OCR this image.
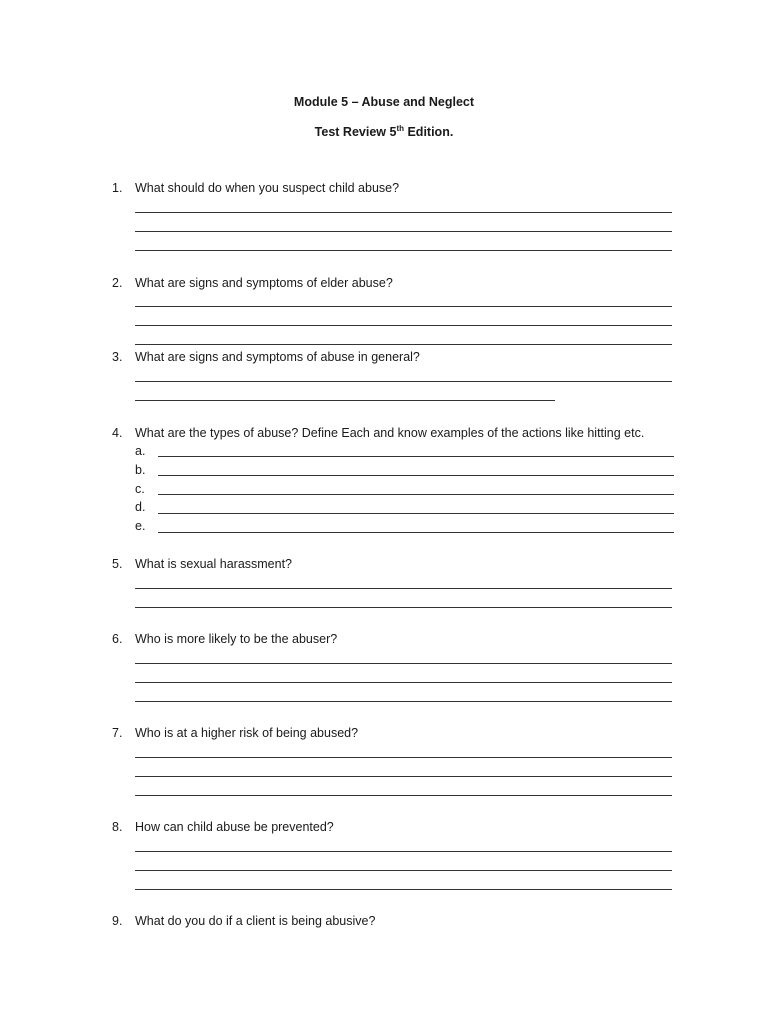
Module 5 – Abuse and Neglect
Test Review 5th Edition.
1. What should do when you suspect child abuse?
2. What are signs and symptoms of elder abuse?
3. What are signs and symptoms of abuse in general?
4. What are the types of abuse? Define Each and know examples of the actions like hitting etc.
a.
b.
c.
d.
e.
5. What is sexual harassment?
6. Who is more likely to be the abuser?
7. Who is at a higher risk of being abused?
8. How can child abuse be prevented?
9. What do you do if a client is being abusive?
